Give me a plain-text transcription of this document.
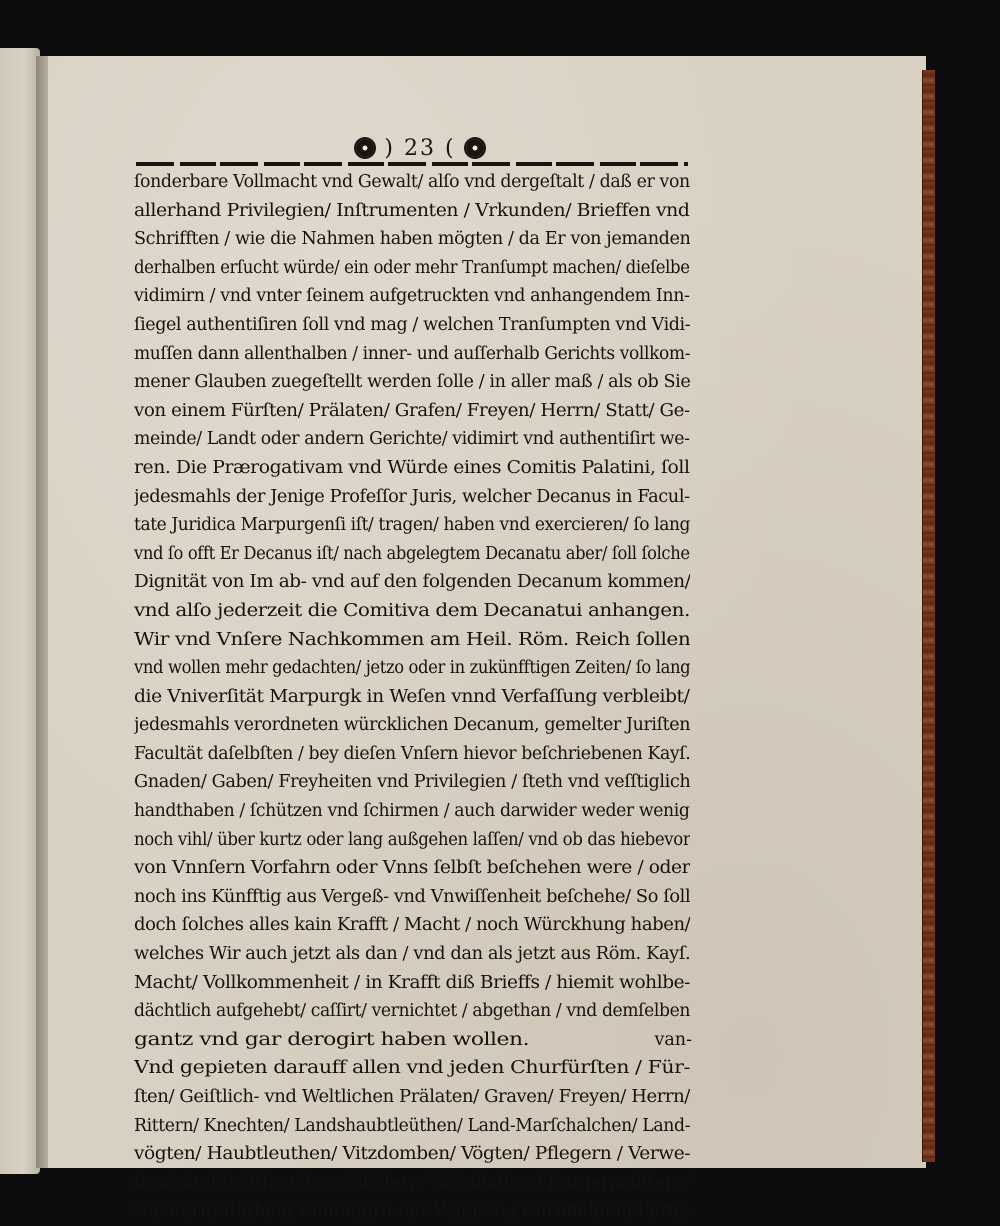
) 23 (
ſonderbare Vollmacht vnd Gewalt/ alſo vnd dergeſtalt / daß er von
allerhand Privilegien/ Inſtrumenten / Vrkunden/ Brieffen vnd
Schrifften / wie die Nahmen haben mögten / da Er von jemanden
derhalben erſucht würde/ ein oder mehr Tranſumpt machen/ dieſelbe
vidimirn / vnd vnter ſeinem aufgetruckten vnd anhangendem Inn-
ſiegel authentiſiren ſoll vnd mag / welchen Tranſumpten vnd Vidi-
muſſen dann allenthalben / inner- und auſſerhalb Gerichts vollkom-
mener Glauben zuegeſtellt werden ſolle / in aller maß / als ob Sie
von einem Fürſten/ Prälaten/ Grafen/ Freyen/ Herrn/ Statt/ Ge-
meinde/ Landt oder andern Gerichte/ vidimirt vnd authentiſirt we-
ren. Die Prærogativam vnd Würde eines Comitis Palatini, ſoll
jedesmahls der Jenige Profeſſor Juris, welcher Decanus in Facul-
tate Juridica Marpurgenſi iſt/ tragen/ haben vnd exercieren/ ſo lang
vnd ſo offt Er Decanus iſt/ nach abgelegtem Decanatu aber/ ſoll ſolche
Dignität von Im ab- vnd auf den folgenden Decanum kommen/
vnd alſo jederzeit die Comitiva dem Decanatui anhangen.
Wir vnd Vnſere Nachkommen am Heil. Röm. Reich ſollen
vnd wollen mehr gedachten/ jetzo oder in zukünfftigen Zeiten/ ſo lang
die Vniverſität Marpurgk in Weſen vnnd Verfaſſung verbleibt/
jedesmahls verordneten würcklichen Decanum, gemelter Juriſten
Facultät daſelbſten / bey dieſen Vnſern hievor beſchriebenen Kayſ.
Gnaden/ Gaben/ Freyheiten vnd Privilegien / ſteth vnd veſſtiglich
handthaben / ſchützen vnd ſchirmen / auch darwider weder wenig
noch vihl/ über kurtz oder lang außgehen laſſen/ vnd ob das hiebevor
von Vnnſern Vorfahrn oder Vnns ſelbſt beſchehen were / oder
noch ins Künfftig aus Vergeß- vnd Vnwiſſenheit beſchehe/ So ſoll
doch ſolches alles kain Krafft / Macht / noch Würckhung haben/
welches Wir auch jetzt als dan / vnd dan als jetzt aus Röm. Kayſ.
Macht/ Vollkommenheit / in Krafft diß Brieffs / hiemit wohlbe-
dächtlich aufgehebt/ caſſirt/ vernichtet / abgethan / vnd demſelben
gantz vnd gar derogirt haben wollen.
Vnd gepieten darauff allen vnd jeden Churfürſten / Für-
ſten/ Geiſtlich- vnd Weltlichen Prälaten/ Graven/ Freyen/ Herrn/
Rittern/ Knechten/ Landshaubtleüthen/ Land-Marſchalchen/ Land-
vögten/ Haubtleuthen/ Vitzdomben/ Vögten/ Pflegern / Verwe-
ſern/ Ambtleüthen/ Landrichtern/ Schultaiſen / Burgermaiſtern/
Richtern/ Räthen/ Kündigern der Wappen / Ehrnholden/ Perſe-
van-
